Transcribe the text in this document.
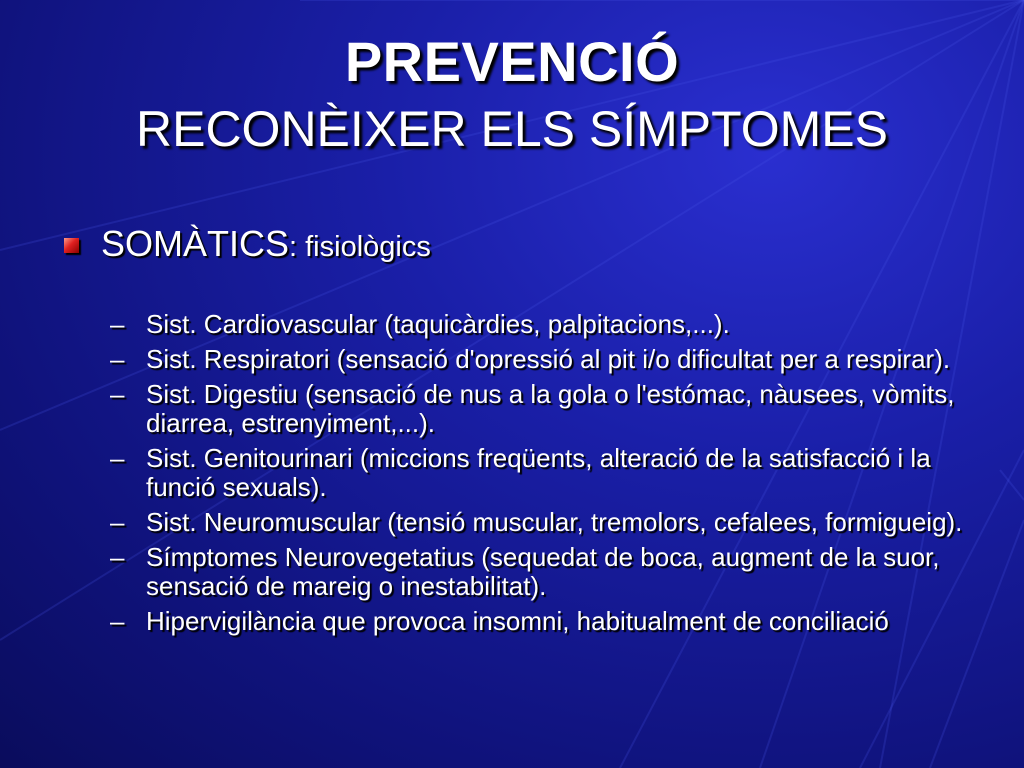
PREVENCIÓ
RECONÈIXER ELS SÍMPTOMES
SOMÀTICS: fisiològics
– Sist. Cardiovascular (taquicàrdies, palpitacions,...).
– Sist. Respiratori (sensació d'opressió al pit i/o dificultat per a respirar).
– Sist. Digestiu (sensació de nus a la gola o l'estómac, nàusees, vòmits, diarrea, estrenyiment,...).
– Sist. Genitourinari (miccions freqüents, alteració de la satisfacció i la funció sexuals).
– Sist. Neuromuscular (tensió muscular, tremolors, cefalees, formigueig).
– Símptomes Neurovegetatius (sequedat de boca, augment de la suor, sensació de mareig o inestabilitat).
– Hipervigilància que provoca insomni, habitualment de conciliació
